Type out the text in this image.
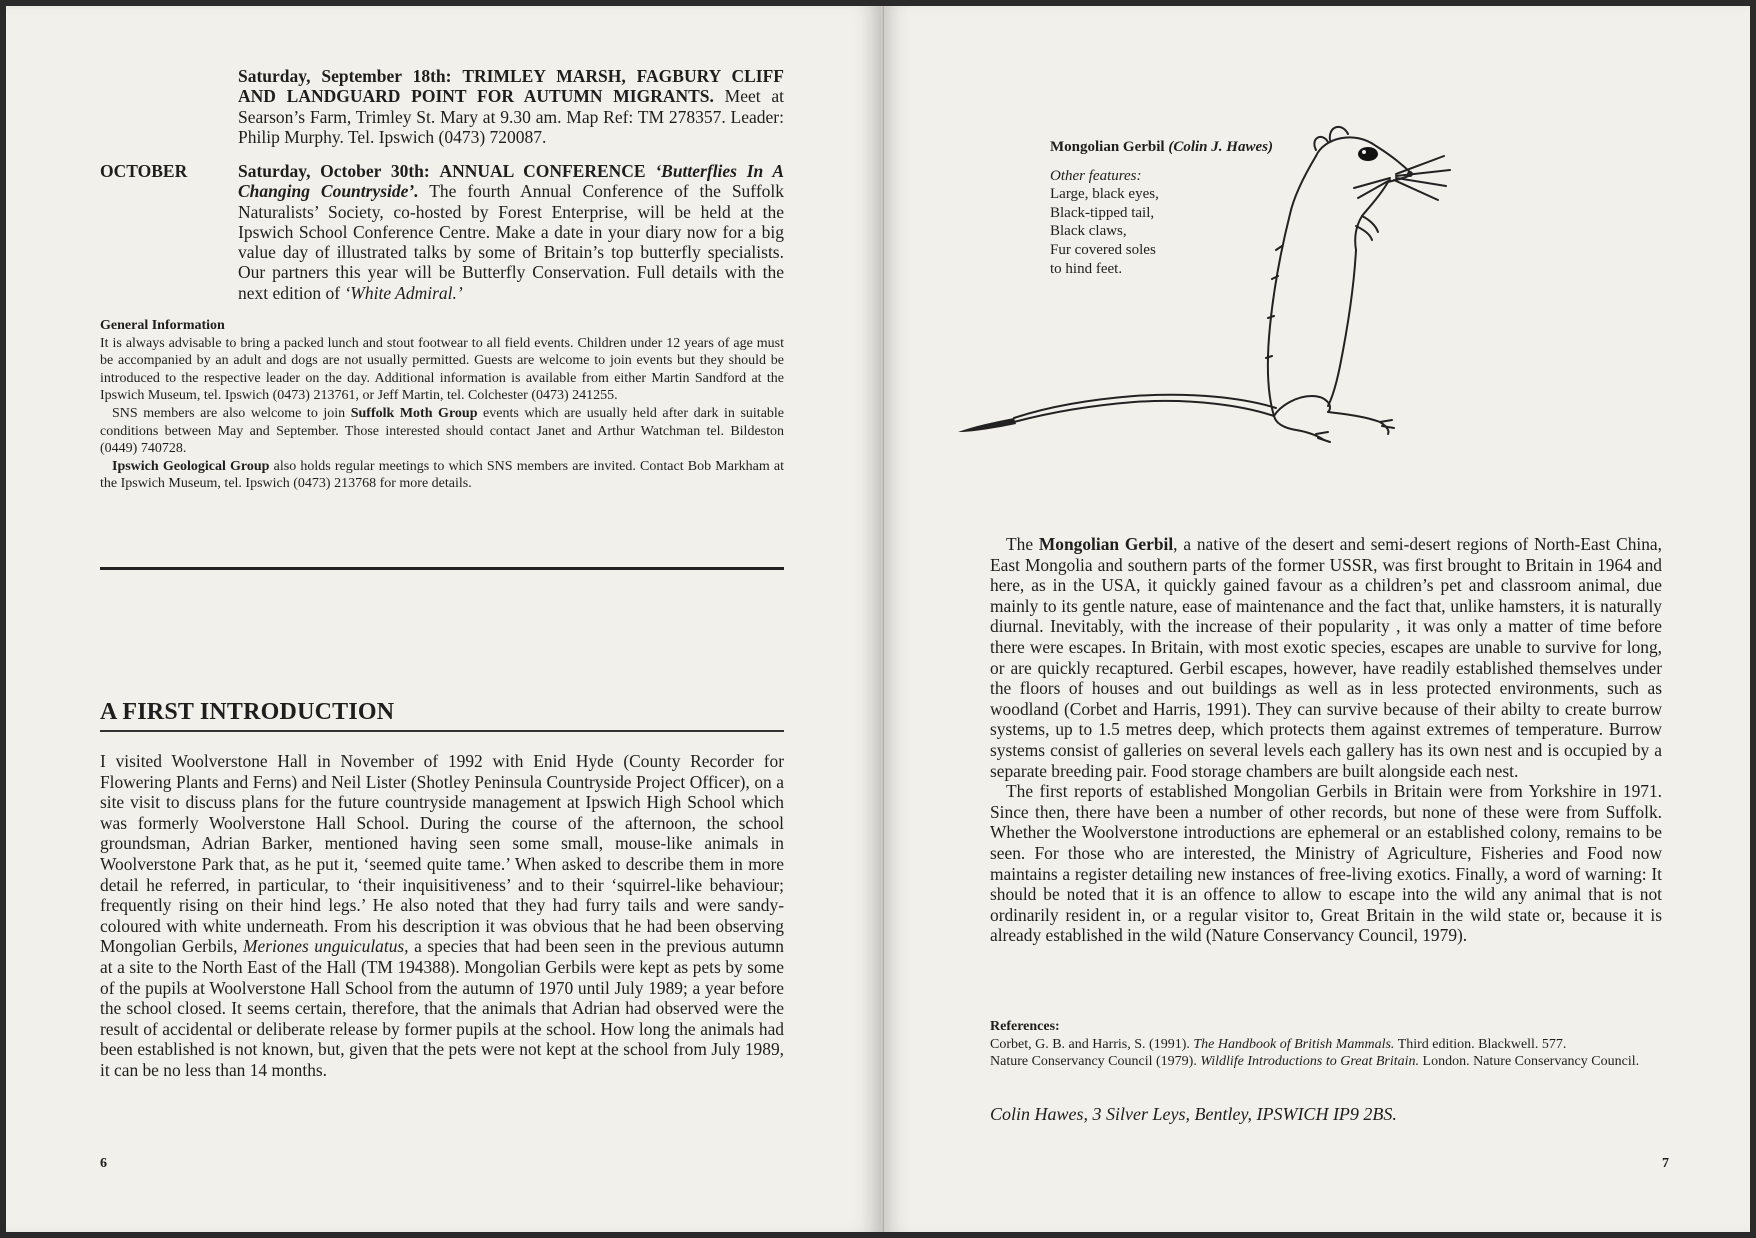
Saturday, September 18th: TRIMLEY MARSH, FAGBURY CLIFF AND LANDGUARD POINT FOR AUTUMN MIGRANTS. Meet at Searson’s Farm, Trimley St. Mary at 9.30 am. Map Ref: TM 278357. Leader: Philip Murphy. Tel. Ipswich (0473) 720087.

OCTOBER	Saturday, October 30th: ANNUAL CONFERENCE ‘Butterflies In A Changing Countryside’. The fourth Annual Conference of the Suffolk Naturalists’ Society, co-hosted by Forest Enterprise, will be held at the Ipswich School Conference Centre. Make a date in your diary now for a big value day of illustrated talks by some of Britain’s top butterfly specialists. Our partners this year will be Butterfly Conservation. Full details with the next edition of ‘White Admiral.’

General Information

It is always advisable to bring a packed lunch and stout footwear to all field events. Children under 12 years of age must be accompanied by an adult and dogs are not usually permitted. Guests are welcome to join events but they should be introduced to the respective leader on the day. Additional information is available from either Martin Sandford at the Ipswich Museum, tel. Ipswich (0473) 213761, or Jeff Martin, tel. Colchester (0473) 241255.

SNS members are also welcome to join Suffolk Moth Group events which are usually held after dark in suitable conditions between May and September. Those interested should contact Janet and Arthur Watchman tel. Bildeston (0449) 740728.

Ipswich Geological Group also holds regular meetings to which SNS members are invited. Contact Bob Markham at the Ipswich Museum, tel. Ipswich (0473) 213768 for more details.

A FIRST INTRODUCTION

I visited Woolverstone Hall in November of 1992 with Enid Hyde (County Recorder for Flowering Plants and Ferns) and Neil Lister (Shotley Peninsula Countryside Project Officer), on a site visit to discuss plans for the future countryside management at Ipswich High School which was formerly Woolverstone Hall School. During the course of the afternoon, the school groundsman, Adrian Barker, mentioned having seen some small, mouse-like animals in Woolverstone Park that, as he put it, ‘seemed quite tame.’ When asked to describe them in more detail he referred, in particular, to ‘their inquisitiveness’ and to their ‘squirrel-like behaviour; frequently rising on their hind legs.’ He also noted that they had furry tails and were sandy-coloured with white underneath. From his description it was obvious that he had been observing Mongolian Gerbils, Meriones unguiculatus, a species that had been seen in the previous autumn at a site to the North East of the Hall (TM 194388). Mongolian Gerbils were kept as pets by some of the pupils at Woolverstone Hall School from the autumn of 1970 until July 1989; a year before the school closed. It seems certain, therefore, that the animals that Adrian had observed were the result of accidental or deliberate release by former pupils at the school. How long the animals had been established is not known, but, given that the pets were not kept at the school from July 1989, it can be no less than 14 months.

6
Mongolian Gerbil (Colin J. Hawes)
Other features:
Large, black eyes,
Black-tipped tail,
Black claws,
Fur covered soles
to hind feet.

The Mongolian Gerbil, a native of the desert and semi-desert regions of North-East China, East Mongolia and southern parts of the former USSR, was first brought to Britain in 1964 and here, as in the USA, it quickly gained favour as a children’s pet and classroom animal, due mainly to its gentle nature, ease of maintenance and the fact that, unlike hamsters, it is naturally diurnal. Inevitably, with the increase of their popularity , it was only a matter of time before there were escapes. In Britain, with most exotic species, escapes are unable to survive for long, or are quickly recaptured. Gerbil escapes, however, have readily established themselves under the floors of houses and out buildings as well as in less protected environments, such as woodland (Corbet and Harris, 1991). They can survive because of their abilty to create burrow systems, up to 1.5 metres deep, which protects them against extremes of temperature. Burrow systems consist of galleries on several levels each gallery has its own nest and is occupied by a separate breeding pair. Food storage chambers are built alongside each nest.

The first reports of established Mongolian Gerbils in Britain were from Yorkshire in 1971. Since then, there have been a number of other records, but none of these were from Suffolk. Whether the Woolverstone introductions are ephemeral or an established colony, remains to be seen. For those who are interested, the Ministry of Agriculture, Fisheries and Food now maintains a register detailing new instances of free-living exotics. Finally, a word of warning: It should be noted that it is an offence to allow to escape into the wild any animal that is not ordinarily resident in, or a regular visitor to, Great Britain in the wild state or, because it is already established in the wild (Nature Conservancy Council, 1979).

References:
Corbet, G. B. and Harris, S. (1991). The Handbook of British Mammals. Third edition. Blackwell. 577.
Nature Conservancy Council (1979). Wildlife Introductions to Great Britain. London. Nature Conservancy Council.
Colin Hawes, 3 Silver Leys, Bentley, IPSWICH IP9 2BS.
7
